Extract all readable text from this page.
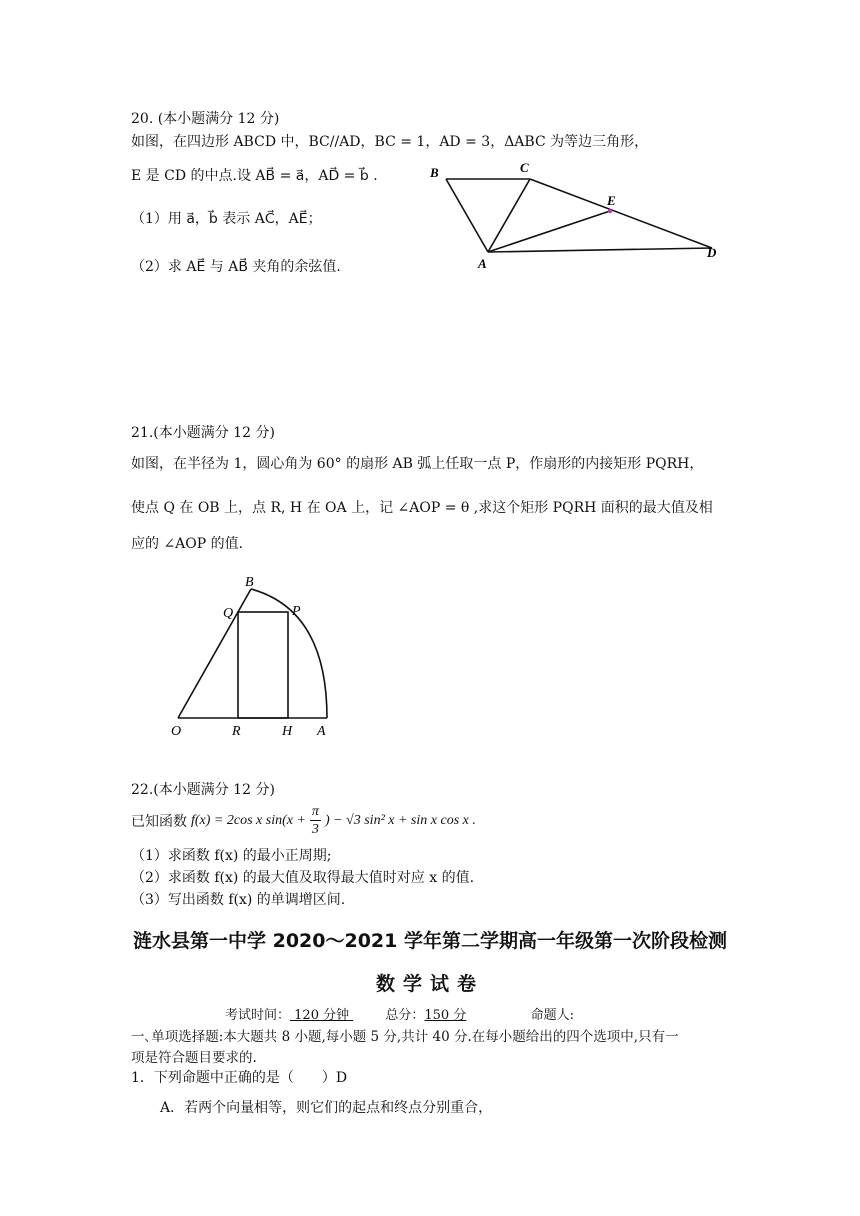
20. (本小题满分 12 分)
如图，在四边形 ABCD 中，BC//AD，BC = 1，AD = 3，ΔABC 为等边三角形，
E 是 CD 的中点.设 AB⃗ = a⃗，AD⃗ = b⃗ .
（1）用 a⃗，b⃗ 表示 AC⃗，AE⃗；
（2）求 AE⃗ 与 AB⃗ 夹角的余弦值.
B	C
E
A
D
21.(本小题满分 12 分)
如图，在半径为 1，圆心角为 60° 的扇形 AB 弧上任取一点 P，作扇形的内接矩形 PQRH，
使点 Q 在 OB 上，点 R, H 在 OA 上，记 ∠AOP = θ ,求这个矩形 PQRH 面积的最大值及相
应的 ∠AOP 的值.
B
Q	P
O	R	H A
22.(本小题满分 12 分)
已知函数 f(x) = 2cos x $\sin(x + \frac{\pi}{3}$ ) − √3 sin² x + sin x cos x .
（1）求函数 f(x) 的最小正周期;
（2）求函数 f(x) 的最大值及取得最大值时对应 x 的值.
（3）写出函数 f(x) 的单调增区间.
涟水县第一中学 2020～2021 学年第二学期高一年级第一次阶段检测
数学试卷
考试时间： 120 分钟  总分：150 分	命题人:
一､单项选择题:本大题共 8 小题,每小题 5 分,共计 40 分.在每小题给出的四个选项中,只有一
项是符合题目要求的.
1．下列命题中正确的是（　　）D
A．若两个向量相等，则它们的起点和终点分别重合，
